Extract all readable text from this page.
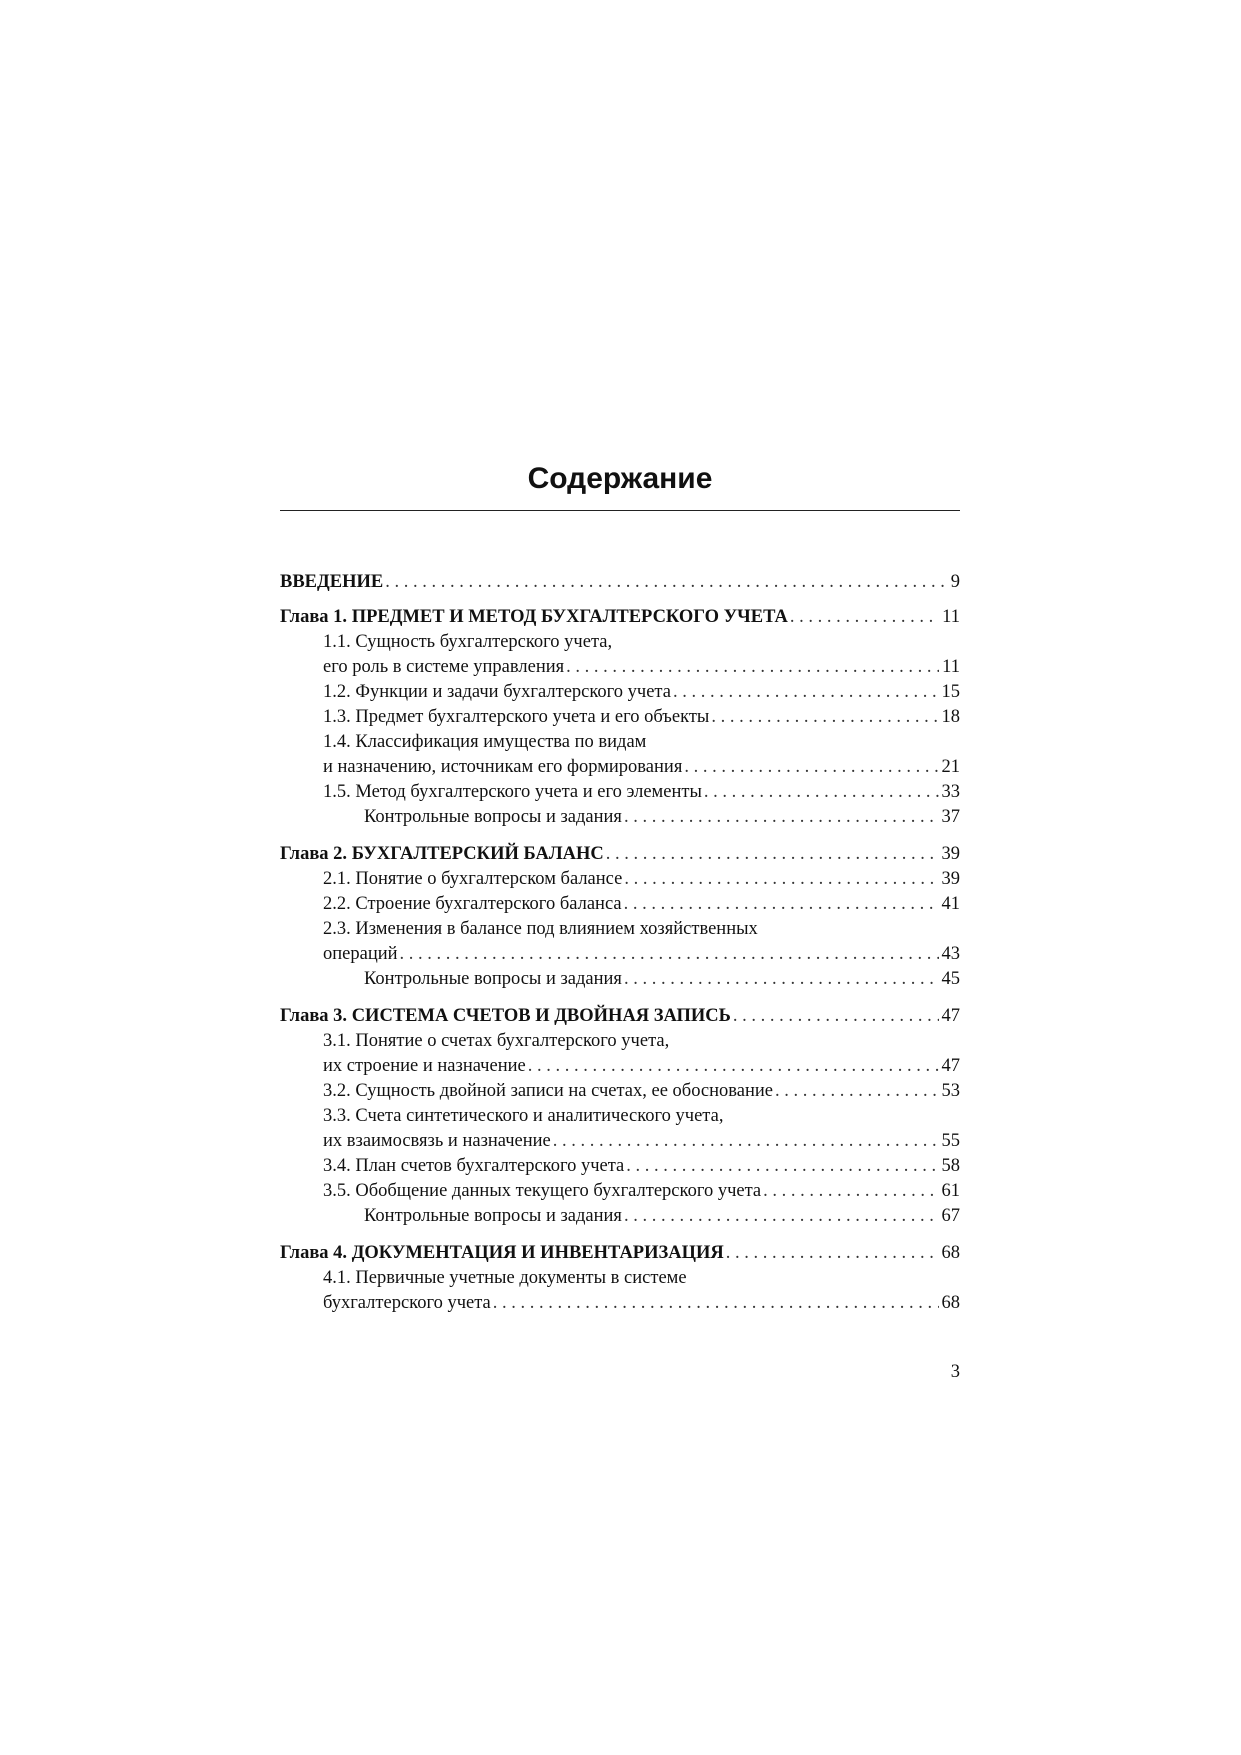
Содержание
ВВЕДЕНИЕ . . .	9
Глава 1. ПРЕДМЕТ И МЕТОД БУХГАЛТЕРСКОГО УЧЕТА . . .	11
1.1. Сущность бухгалтерского учета,
его роль в системе управления . . .	11
1.2. Функции и задачи бухгалтерского учета . . .	15
1.3. Предмет бухгалтерского учета и его объекты . . .	18
1.4. Классификация имущества по видам
и назначению, источникам его формирования . . .	21
1.5. Метод бухгалтерского учета и его элементы . . .	33
Контрольные вопросы и задания . . .	37
Глава 2. БУХГАЛТЕРСКИЙ БАЛАНС . . .	39
2.1. Понятие о бухгалтерском балансе . . .	39
2.2. Строение бухгалтерского баланса . . .	41
2.3. Изменения в балансе под влиянием хозяйственных
операций . . .	43
Контрольные вопросы и задания . . .	45
Глава 3. СИСТЕМА СЧЕТОВ И ДВОЙНАЯ ЗАПИСЬ . . .	47
3.1. Понятие о счетах бухгалтерского учета,
их строение и назначение . . .	47
3.2. Сущность двойной записи на счетах, ее обоснование . . .	53
3.3. Счета синтетического и аналитического учета,
их взаимосвязь и назначение . . .	55
3.4. План счетов бухгалтерского учета . . .	58
3.5. Обобщение данных текущего бухгалтерского учета . . .	61
Контрольные вопросы и задания . . .	67
Глава 4. ДОКУМЕНТАЦИЯ И ИНВЕНТАРИЗАЦИЯ . . .	68
4.1. Первичные учетные документы в системе
бухгалтерского учета . . .	68
3
